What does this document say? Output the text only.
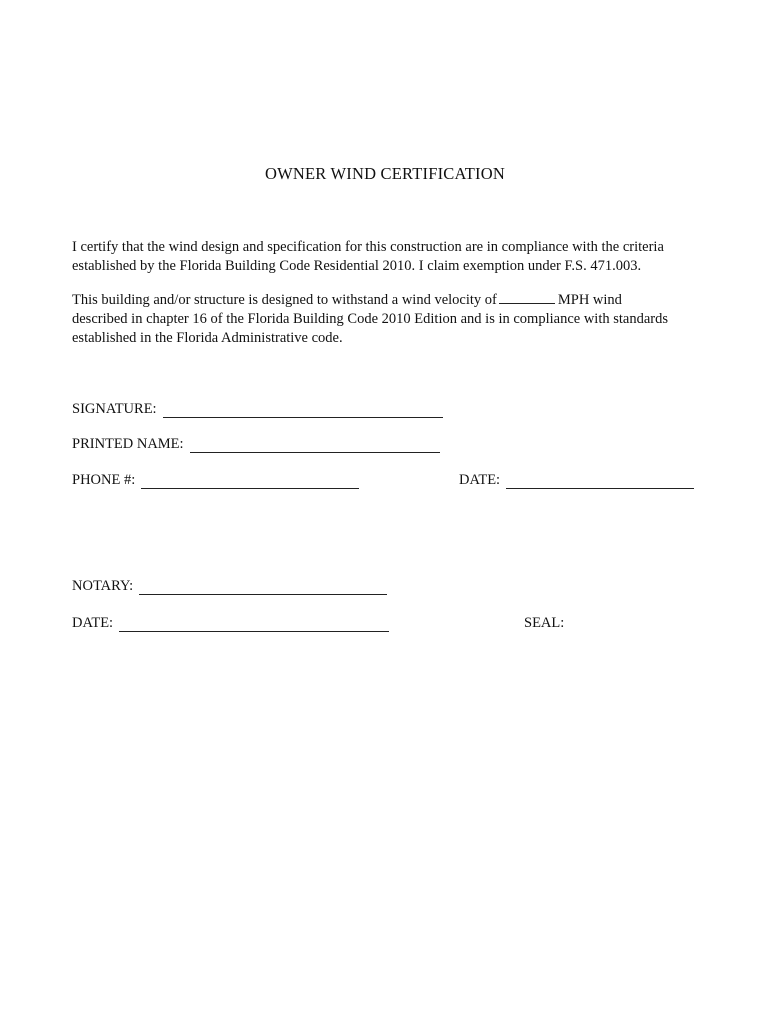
OWNER WIND CERTIFICATION
I certify that the wind design and specification for this construction are in compliance with the criteria
established by the Florida Building Code Residential 2010. I claim exemption under F.S. 471.003.
This building and/or structure is designed to withstand a wind velocity of	MPH wind
described in chapter 16 of the Florida Building Code 2010 Edition and is in compliance with standards
established in the Florida Administrative code.
SIGNATURE:
PRINTED NAME:
PHONE #:	DATE:
NOTARY:
DATE:	SEAL:
